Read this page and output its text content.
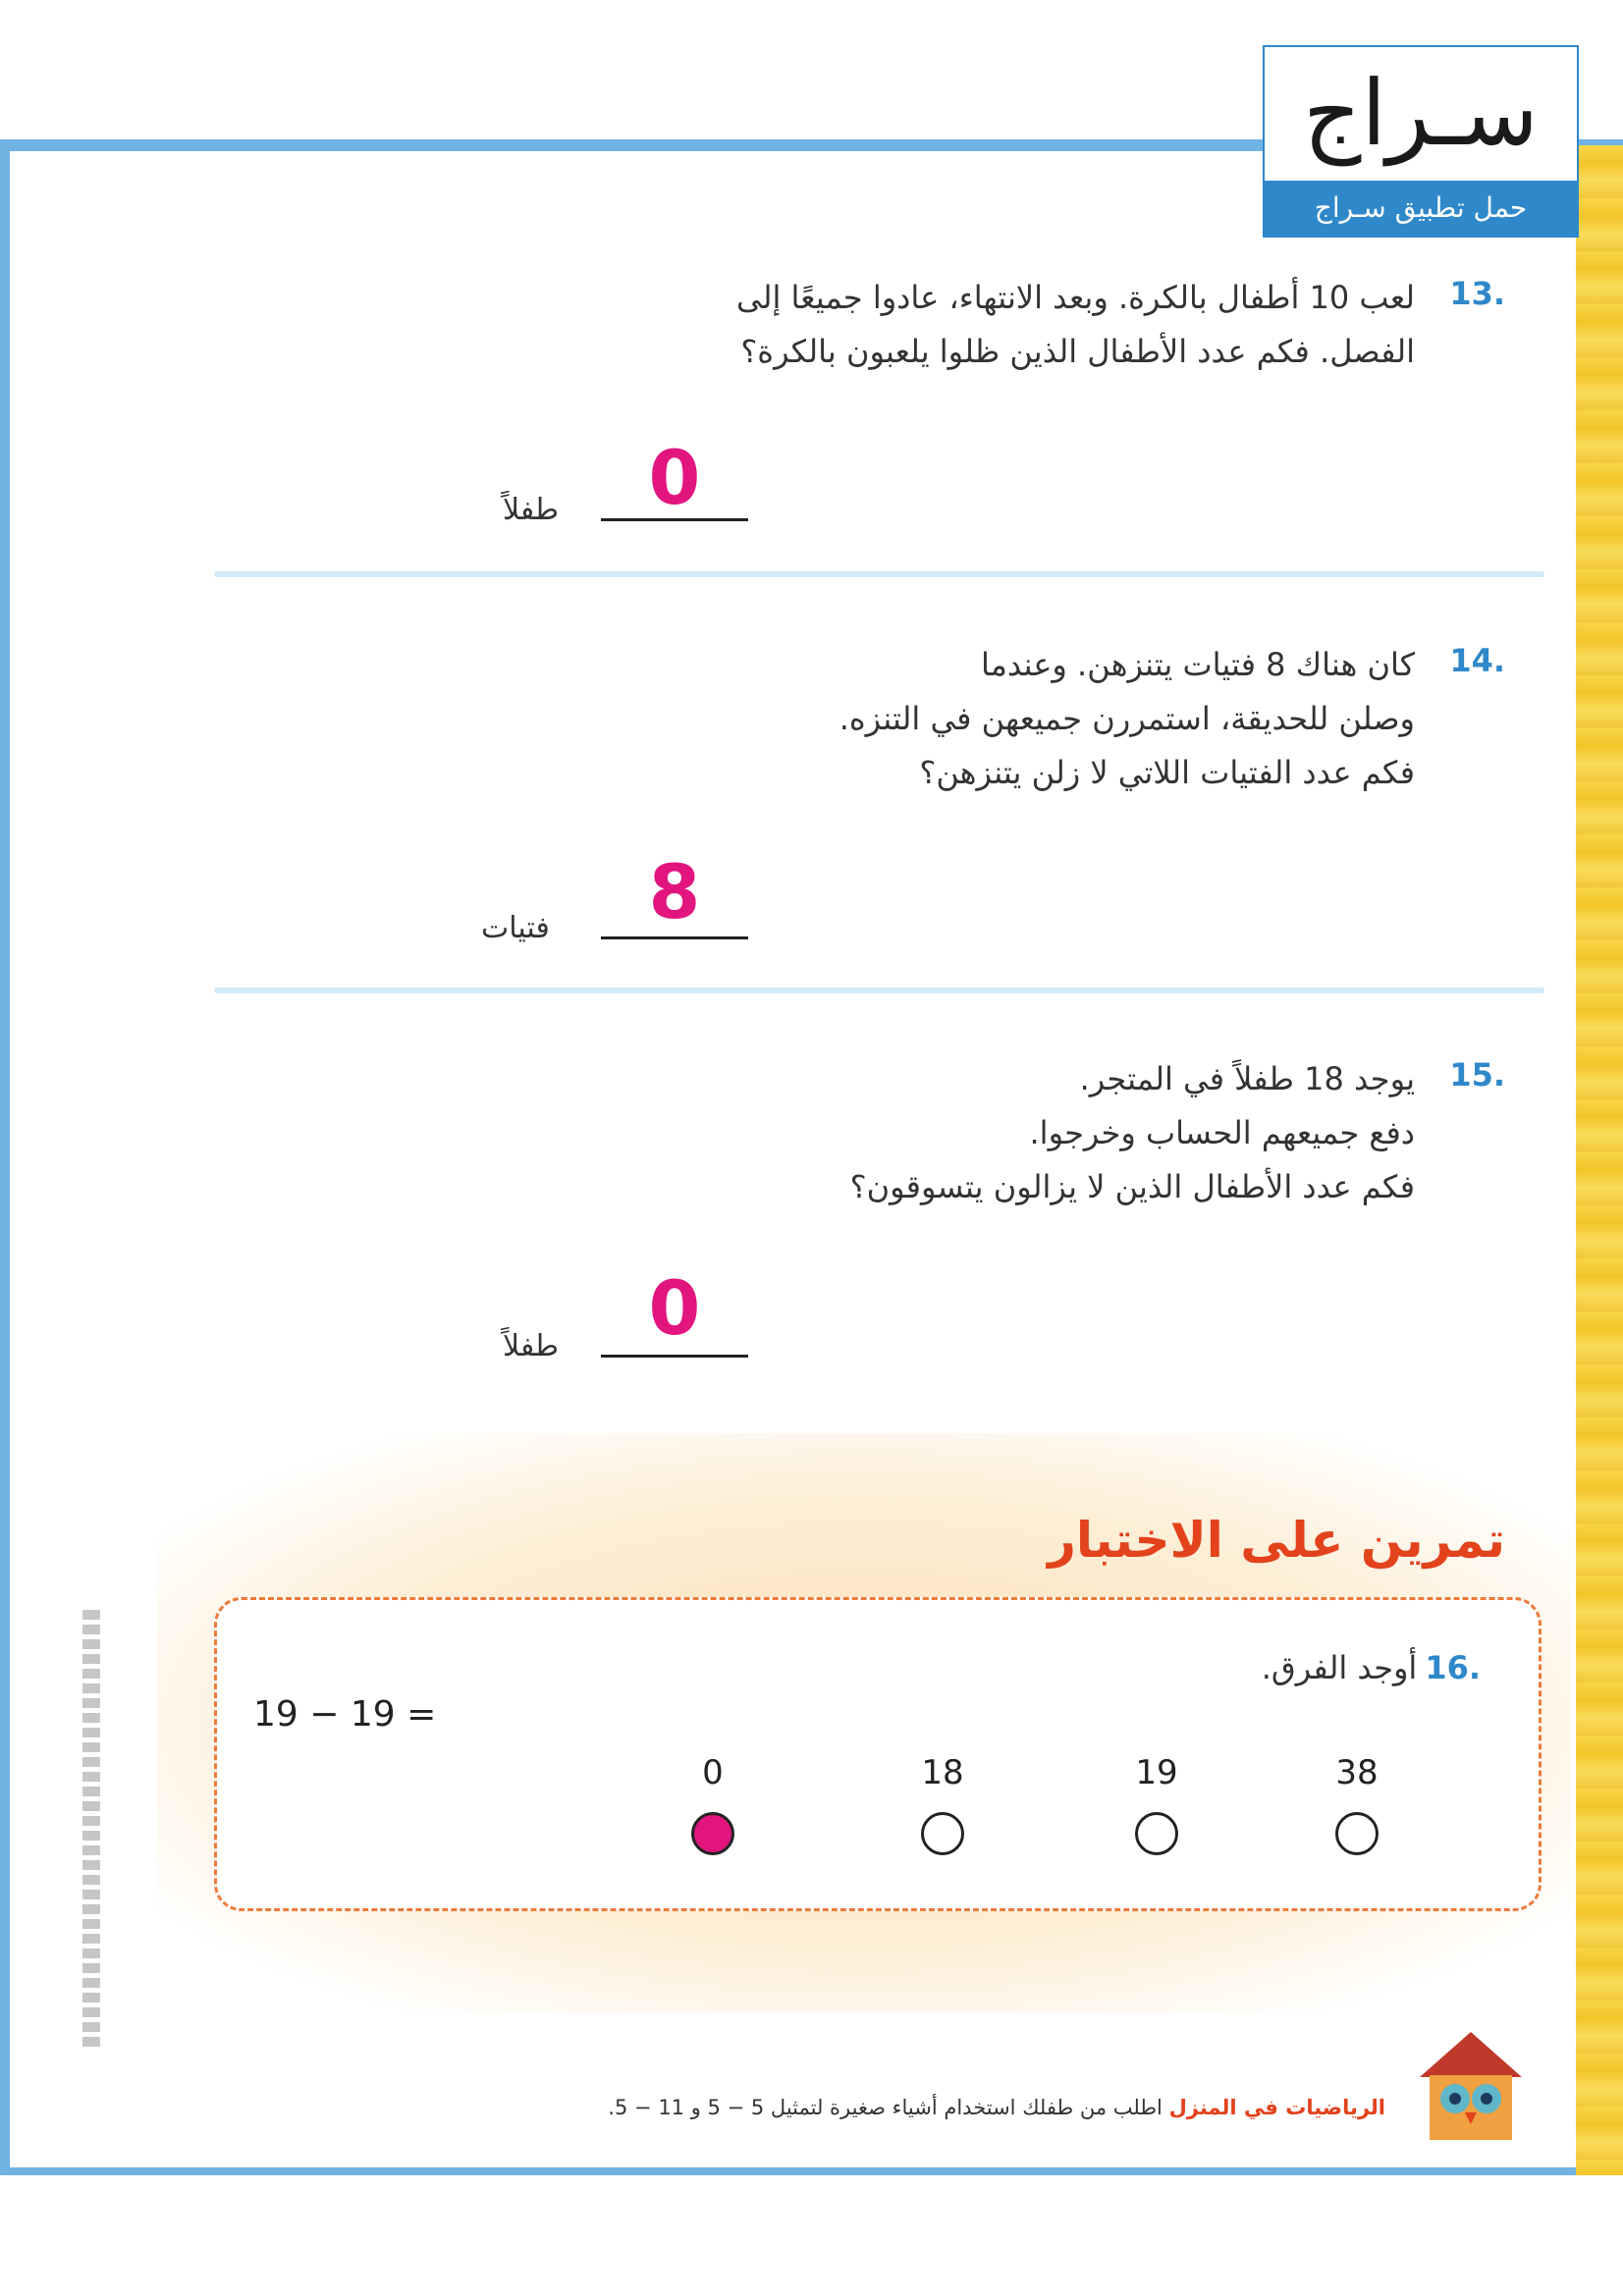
سـراج
حمل تطبيق سـراج
13.
لعب 10 أطفال بالكرة. وبعد الانتهاء، عادوا جميعًا إلى
الفصل. فكم عدد الأطفال الذين ظلوا يلعبون بالكرة؟
0
طفلاً
14.
كان هناك 8 فتيات يتنزهن. وعندما
وصلن للحديقة، استمررن جميعهن في التنزه.
فكم عدد الفتيات اللاتي لا زلن يتنزهن؟
8
فتيات
15.
يوجد 18 طفلاً في المتجر.
دفع جميعهم الحساب وخرجوا.
فكم عدد الأطفال الذين لا يزالون يتسوقون؟
0
طفلاً
تمرين على الاختبار
16.أوجد الفرق.
19 − 19 =
0	18	19	38
الرياضيات في المنزل اطلب من طفلك استخدام أشياء صغيرة لتمثيل 5 − 5 و 11 − 5.
